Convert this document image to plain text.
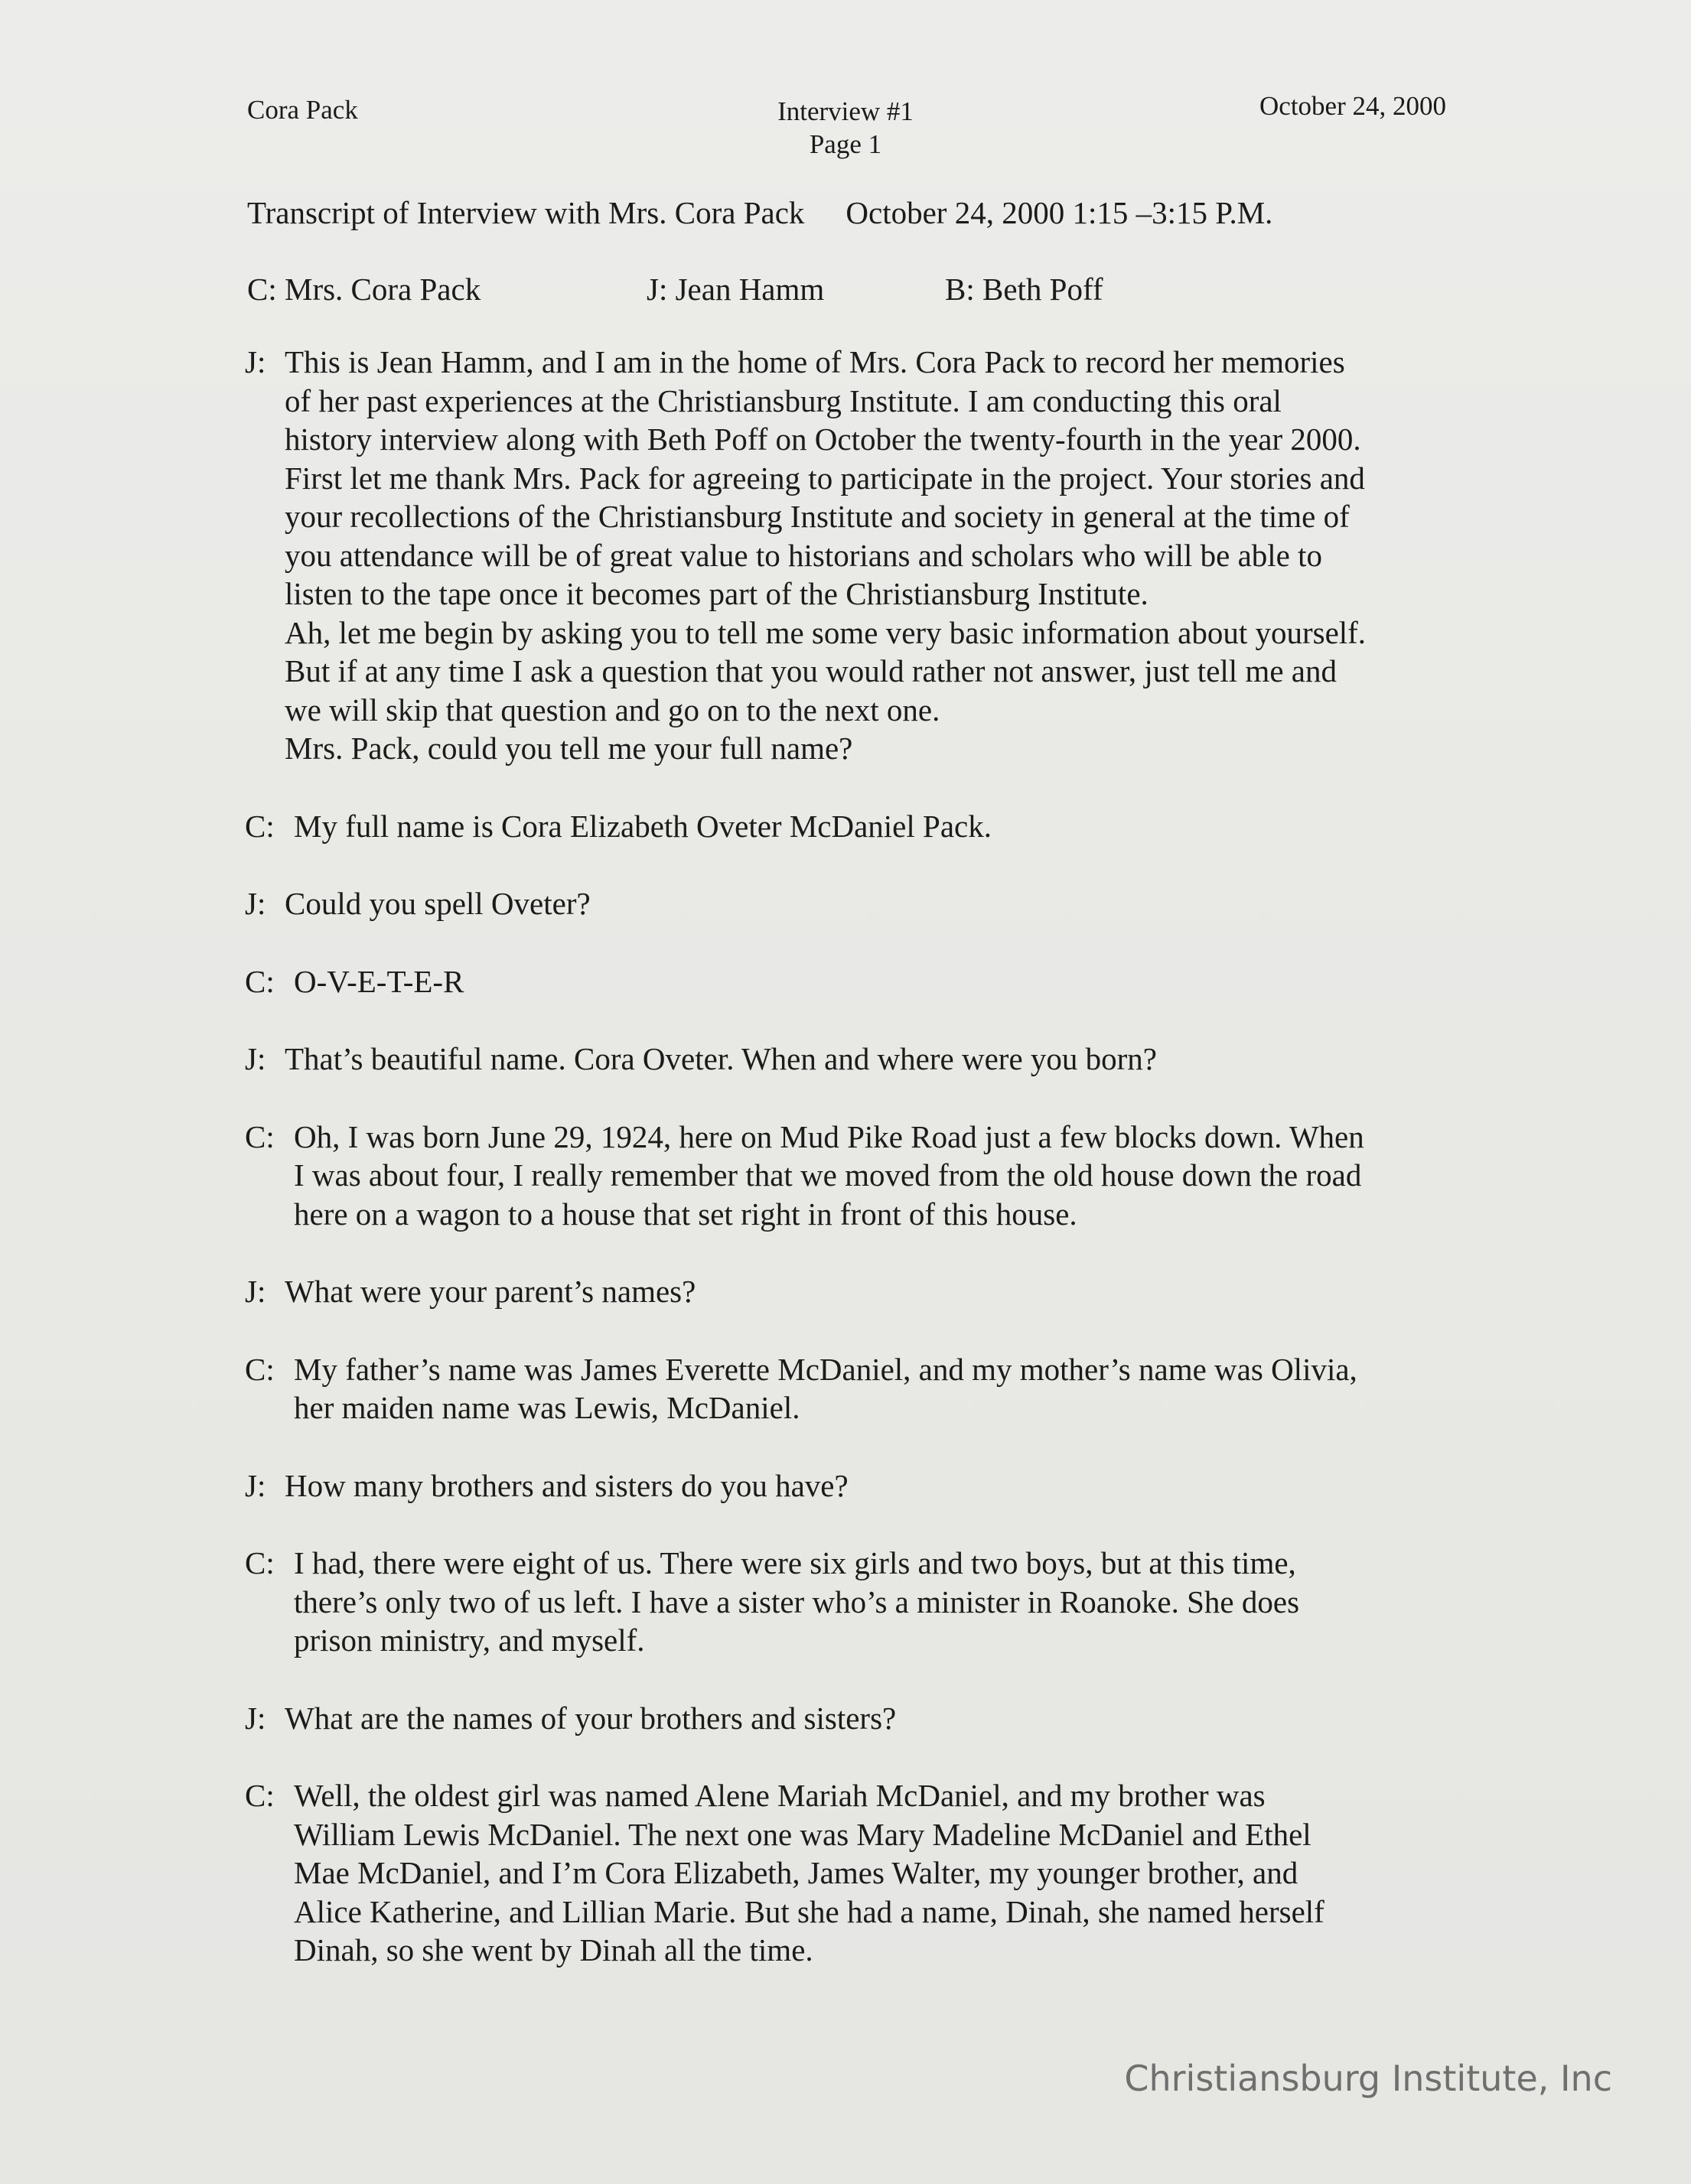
Cora Pack	Interview #1
Page 1
October 24, 2000
Transcript of Interview with Mrs. Cora Pack October 24, 2000 1:15 –3:15 P.M.
C: Mrs. Cora Pack	J: Jean Hamm	B: Beth Poff
J: This is Jean Hamm, and I am in the home of Mrs. Cora Pack to record her memories
of her past experiences at the Christiansburg Institute. I am conducting this oral
history interview along with Beth Poff on October the twenty-fourth in the year 2000.
First let me thank Mrs. Pack for agreeing to participate in the project. Your stories and
your recollections of the Christiansburg Institute and society in general at the time of
you attendance will be of great value to historians and scholars who will be able to
listen to the tape once it becomes part of the Christiansburg Institute.
Ah, let me begin by asking you to tell me some very basic information about yourself.
But if at any time I ask a question that you would rather not answer, just tell me and
we will skip that question and go on to the next one.
Mrs. Pack, could you tell me your full name?
C: My full name is Cora Elizabeth Oveter McDaniel Pack.
J: Could you spell Oveter?
C: O-V-E-T-E-R
J: That’s beautiful name. Cora Oveter. When and where were you born?
C: Oh, I was born June 29, 1924, here on Mud Pike Road just a few blocks down. When
I was about four, I really remember that we moved from the old house down the road
here on a wagon to a house that set right in front of this house.
J: What were your parent’s names?
C: My father’s name was James Everette McDaniel, and my mother’s name was Olivia,
her maiden name was Lewis, McDaniel.
J: How many brothers and sisters do you have?
C: I had, there were eight of us. There were six girls and two boys, but at this time,
there’s only two of us left. I have a sister who’s a minister in Roanoke. She does
prison ministry, and myself.
J: What are the names of your brothers and sisters?
C: Well, the oldest girl was named Alene Mariah McDaniel, and my brother was
William Lewis McDaniel. The next one was Mary Madeline McDaniel and Ethel
Mae McDaniel, and I’m Cora Elizabeth, James Walter, my younger brother, and
Alice Katherine, and Lillian Marie. But she had a name, Dinah, she named herself
Dinah, so she went by Dinah all the time.
Christiansburg Institute, Inc
